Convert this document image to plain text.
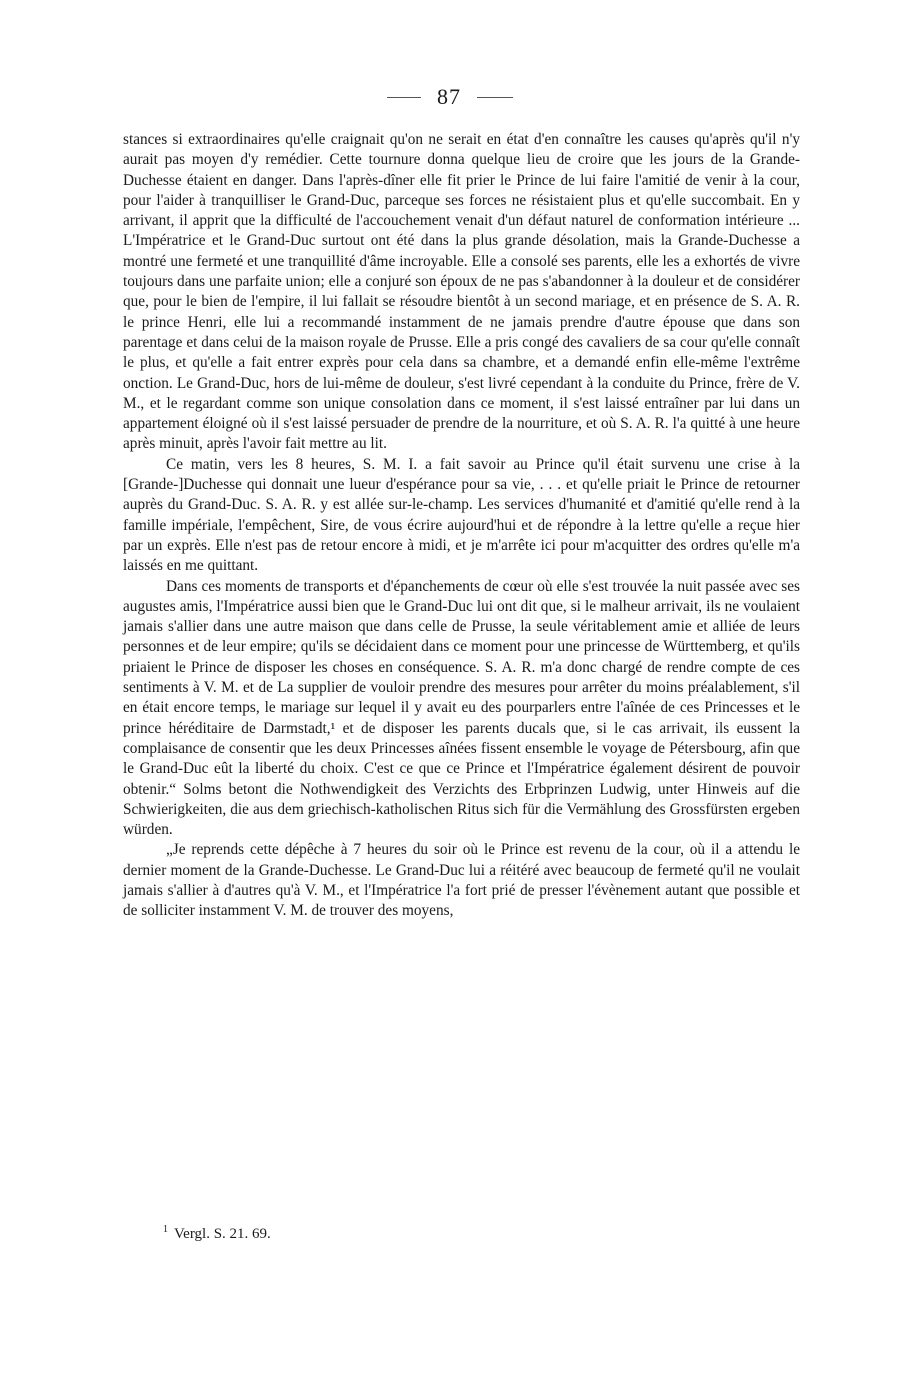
87

stances si extraordinaires qu'elle craignait qu'on ne serait en état d'en connaître les causes qu'après qu'il n'y aurait pas moyen d'y remédier. Cette tournure donna quelque lieu de croire que les jours de la Grande-Duchesse étaient en danger. Dans l'après-dîner elle fit prier le Prince de lui faire l'amitié de venir à la cour, pour l'aider à tranquilliser le Grand-Duc, parceque ses forces ne résistaient plus et qu'elle succombait. En y arrivant, il apprit que la difficulté de l'accouchement venait d'un défaut naturel de conformation intérieure ... L'Impératrice et le Grand-Duc surtout ont été dans la plus grande désolation, mais la Grande-Duchesse a montré une fermeté et une tranquillité d'âme incroyable. Elle a consolé ses parents, elle les a exhortés de vivre toujours dans une parfaite union; elle a conjuré son époux de ne pas s'abandonner à la douleur et de considérer que, pour le bien de l'empire, il lui fallait se résoudre bientôt à un second mariage, et en présence de S. A. R. le prince Henri, elle lui a recommandé instamment de ne jamais prendre d'autre épouse que dans son parentage et dans celui de la maison royale de Prusse. Elle a pris congé des cavaliers de sa cour qu'elle connaît le plus, et qu'elle a fait entrer exprès pour cela dans sa chambre, et a demandé enfin elle-même l'extrême onction. Le Grand-Duc, hors de lui-même de douleur, s'est livré cependant à la conduite du Prince, frère de V. M., et le regardant comme son unique consolation dans ce moment, il s'est laissé entraîner par lui dans un appartement éloigné où il s'est laissé persuader de prendre de la nourriture, et où S. A. R. l'a quitté à une heure après minuit, après l'avoir fait mettre au lit.

Ce matin, vers les 8 heures, S. M. I. a fait savoir au Prince qu'il était survenu une crise à la [Grande-]Duchesse qui donnait une lueur d'espérance pour sa vie, . . . et qu'elle priait le Prince de retourner auprès du Grand-Duc. S. A. R. y est allée sur-le-champ. Les services d'humanité et d'amitié qu'elle rend à la famille impériale, l'empêchent, Sire, de vous écrire aujourd'hui et de répondre à la lettre qu'elle a reçue hier par un exprès. Elle n'est pas de retour encore à midi, et je m'arrête ici pour m'acquitter des ordres qu'elle m'a laissés en me quittant.

Dans ces moments de transports et d'épanchements de cœur où elle s'est trouvée la nuit passée avec ses augustes amis, l'Impératrice aussi bien que le Grand-Duc lui ont dit que, si le malheur arrivait, ils ne voulaient jamais s'allier dans une autre maison que dans celle de Prusse, la seule véritablement amie et alliée de leurs personnes et de leur empire; qu'ils se décidaient dans ce moment pour une princesse de Württemberg, et qu'ils priaient le Prince de disposer les choses en conséquence. S. A. R. m'a donc chargé de rendre compte de ces sentiments à V. M. et de La supplier de vouloir prendre des mesures pour arrêter du moins préalablement, s'il en était encore temps, le mariage sur lequel il y avait eu des pourparlers entre l'aînée de ces Princesses et le prince héréditaire de Darmstadt,¹ et de disposer les parents ducals que, si le cas arrivait, ils eussent la complaisance de consentir que les deux Princesses aînées fissent ensemble le voyage de Pétersbourg, afin que le Grand-Duc eût la liberté du choix. C'est ce que ce Prince et l'Impératrice également désirent de pouvoir obtenir.“ Solms betont die Nothwendigkeit des Verzichts des Erbprinzen Ludwig, unter Hinweis auf die Schwierigkeiten, die aus dem griechisch-katholischen Ritus sich für die Vermählung des Grossfürsten ergeben würden.

„Je reprends cette dépêche à 7 heures du soir où le Prince est revenu de la cour, où il a attendu le dernier moment de la Grande-Duchesse. Le Grand-Duc lui a réitéré avec beaucoup de fermeté qu'il ne voulait jamais s'allier à d'autres qu'à V. M., et l'Impératrice l'a fort prié de presser l'évènement autant que possible et de solliciter instamment V. M. de trouver des moyens,

$^1$ Vergl. S. 21. 69.
